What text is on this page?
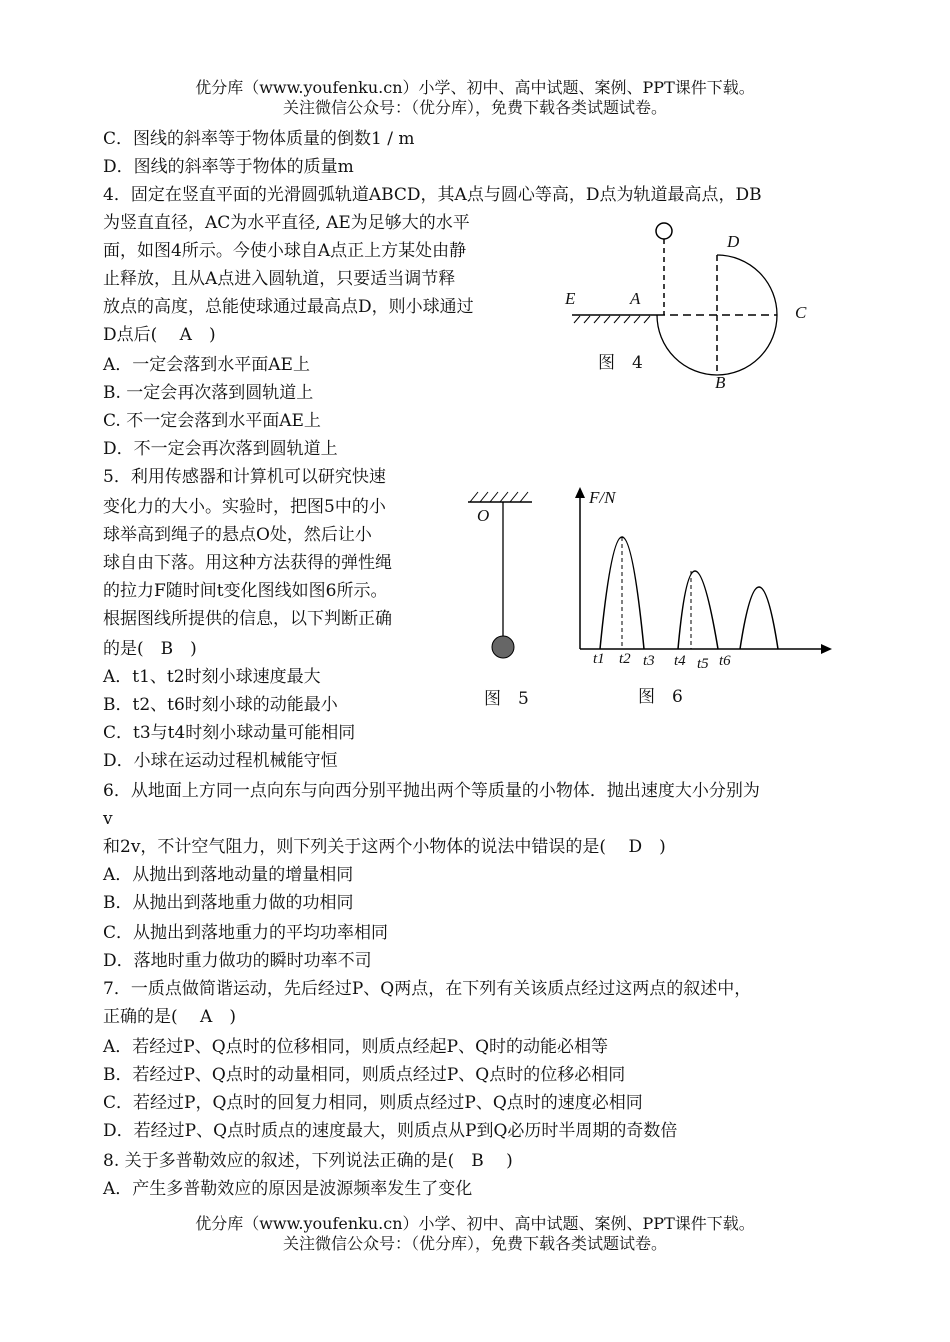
优分库（www.youfenku.cn）小学、初中、高中试题、案例、PPT课件下载。
关注微信公众号：（优分库），免费下载各类试题试卷。
C．图线的斜率等于物体质量的倒数1 / m
D．图线的斜率等于物体的质量m
4．固定在竖直平面的光滑圆弧轨道ABCD，其A点与圆心等高，D点为轨道最高点，DB
为竖直直径，AC为水平直径, AE为足够大的水平
面，如图4所示。今使小球自A点正上方某处由静
止释放，且从A点进入圆轨道，只要适当调节释
放点的高度，总能使球通过最高点D，则小球通过
D点后(　 A　)
A．一定会落到水平面AE上
B. 一定会再次落到圆轨道上
C. 不一定会落到水平面AE上
D．不一定会再次落到圆轨道上
5．利用传感器和计算机可以研究快速
变化力的大小。实验时，把图5中的小
球举高到绳子的悬点O处，然后让小
球自由下落。用这种方法获得的弹性绳
的拉力F随时间t变化图线如图6所示。
根据图线所提供的信息，以下判断正确
的是(　B　)
A．t1、t2时刻小球速度最大
B．t2、t6时刻小球的动能最小
C．t3与t4时刻小球动量可能相同
D．小球在运动过程机械能守恒
6．从地面上方同一点向东与向西分别平抛出两个等质量的小物体．抛出速度大小分别为
v
和2v，不计空气阻力，则下列关于这两个小物体的说法中错误的是(　 D　)
A．从抛出到落地动量的增量相同
B．从抛出到落地重力做的功相同
C．从抛出到落地重力的平均功率相同
D．落地时重力做功的瞬时功率不司
7．一质点做简谐运动，先后经过P、Q两点，在下列有关该质点经过这两点的叙述中，
正确的是(　 A　)
A．若经过P、Q点时的位移相同，则质点经起P、Q时的动能必相等
B．若经过P、Q点时的动量相同，则质点经过P、Q点时的位移必相同
C．若经过P，Q点时的回复力相同，则质点经过P、Q点时的速度必相同
D．若经过P、Q点时质点的速度最大，则质点从P到Q必历时半周期的奇数倍
8. 关于多普勒效应的叙述，下列说法正确的是(　B　 )
A．产生多普勒效应的原因是波源频率发生了变化
D
A
E
C
B
图　4
O
图　5
F/N
t1 t2 t3 t4 t5 t6
图　6
优分库（www.youfenku.cn）小学、初中、高中试题、案例、PPT课件下载。
关注微信公众号：（优分库），免费下载各类试题试卷。
